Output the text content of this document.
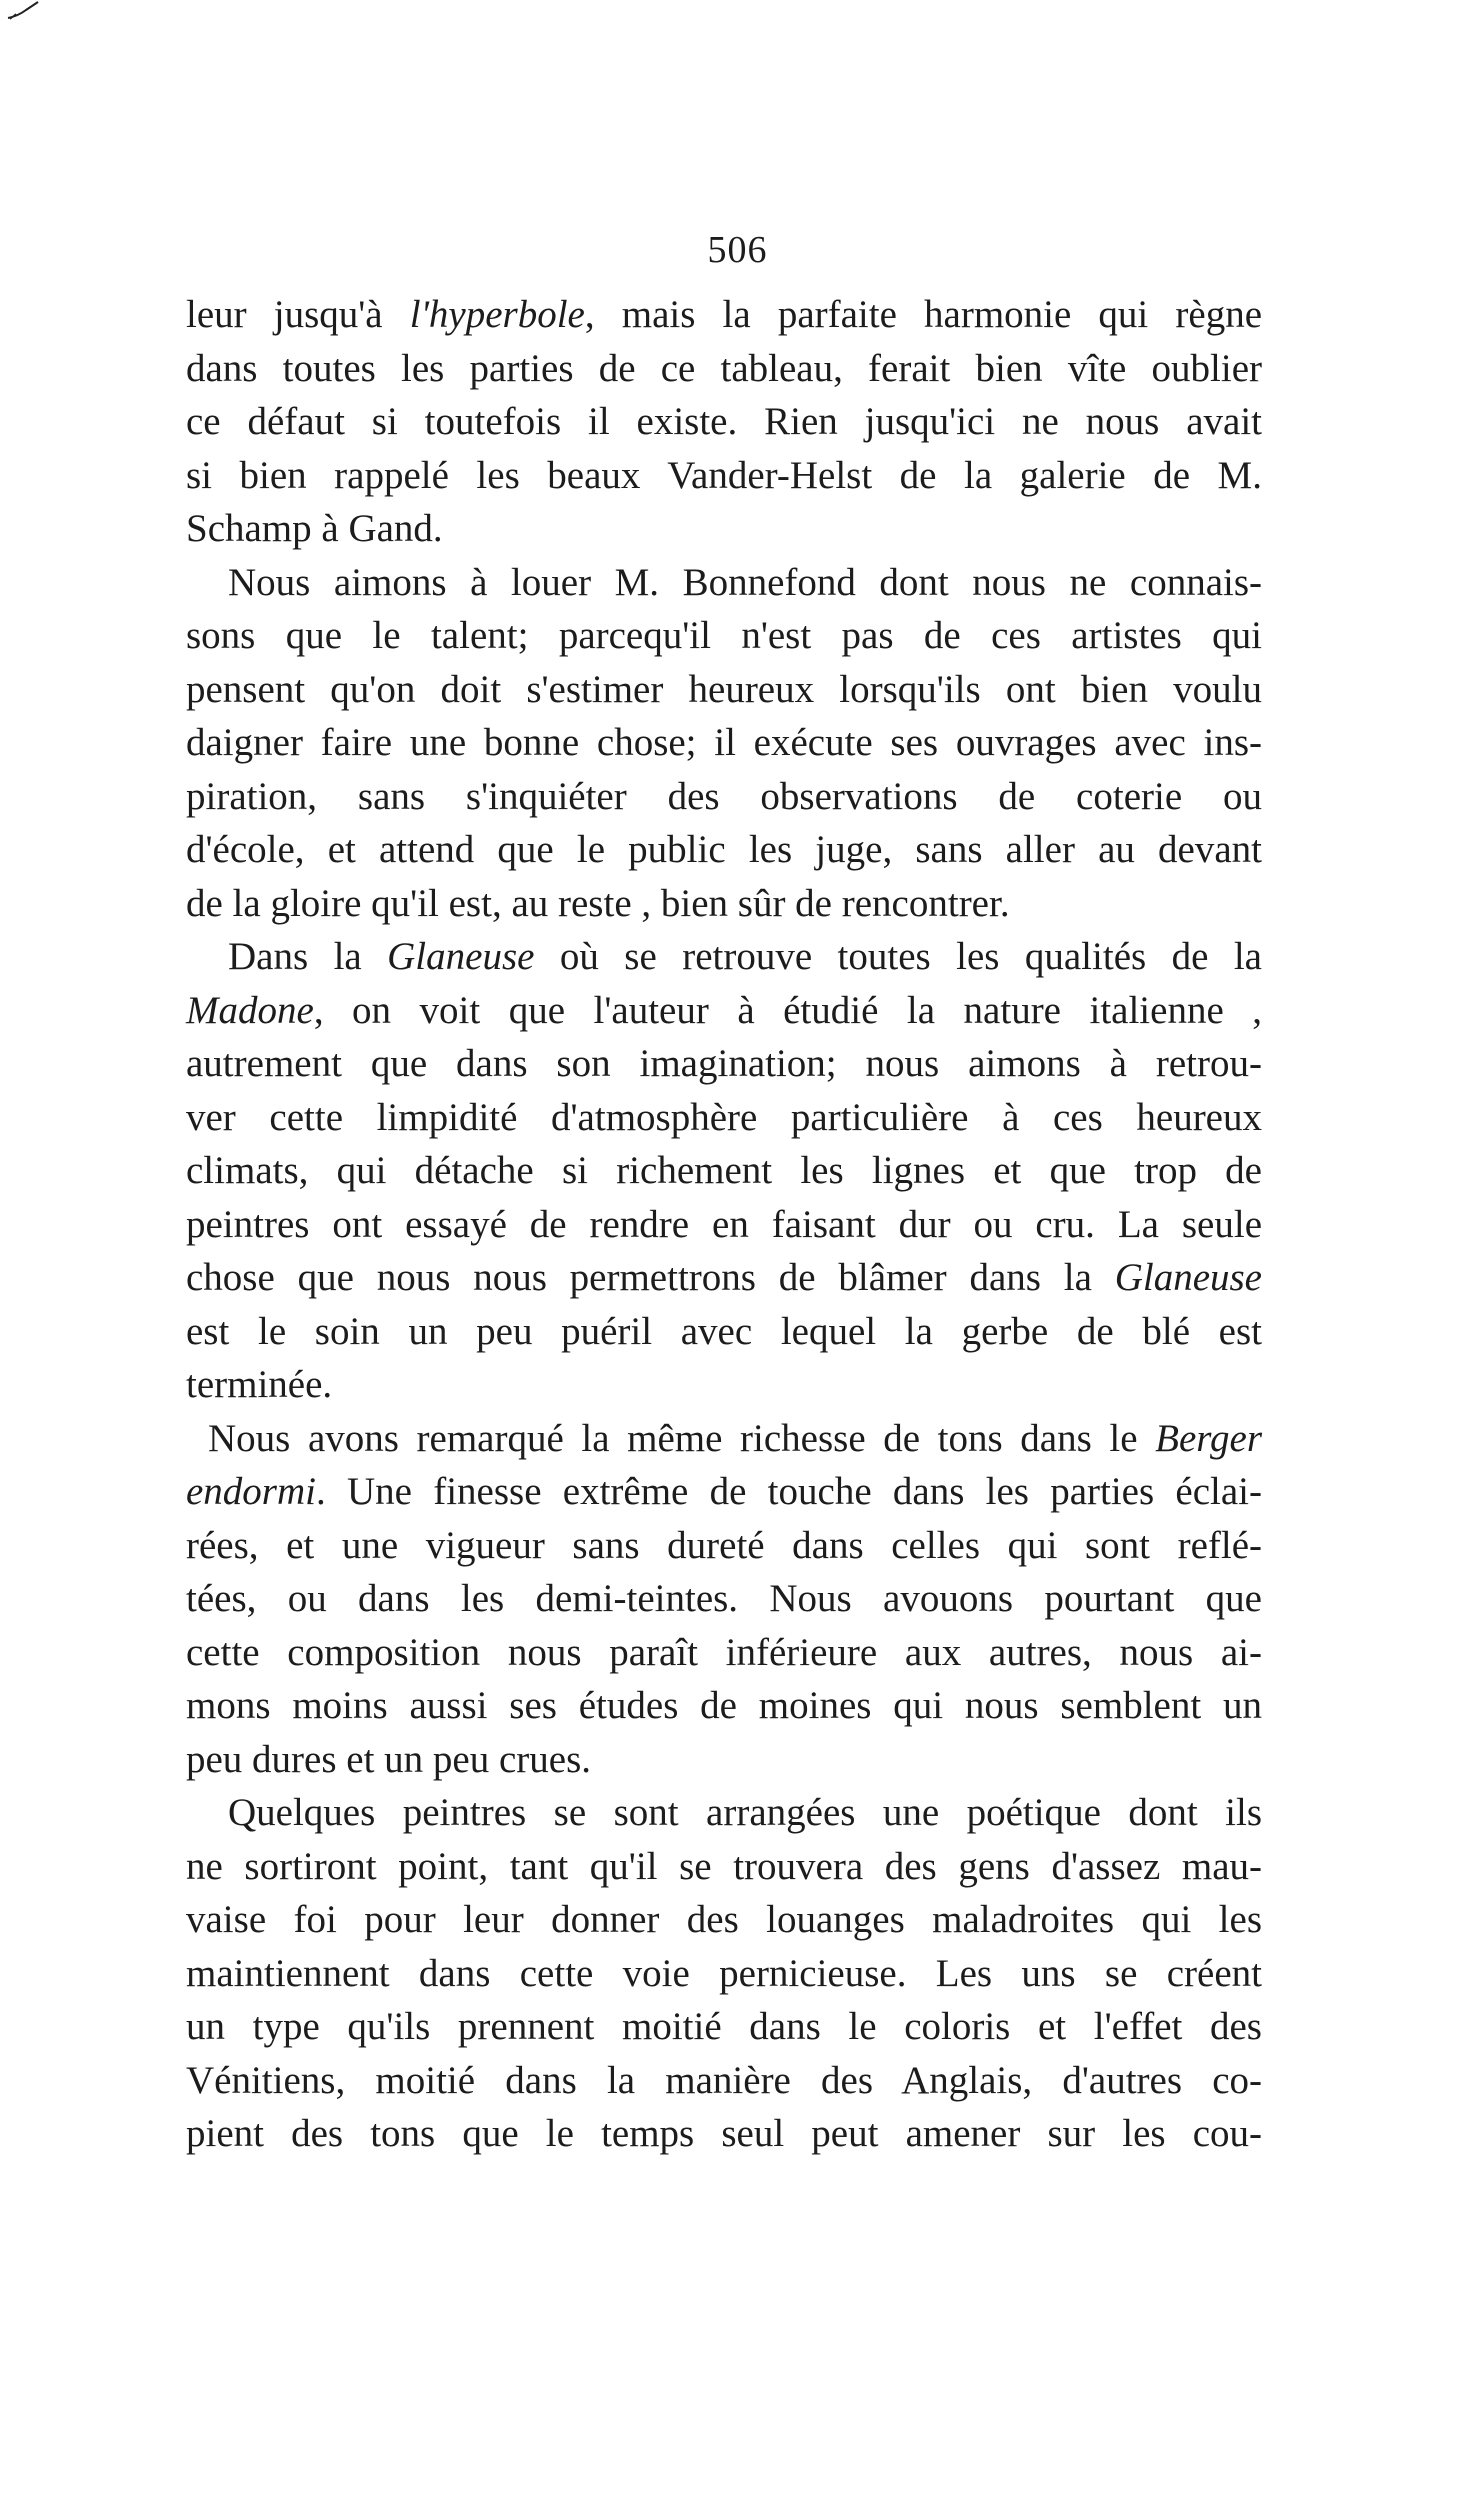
506

leur jusqu'à l'hyperbole, mais la parfaite harmonie qui règne
dans toutes les parties de ce tableau, ferait bien vîte oublier
ce défaut si toutefois il existe. Rien jusqu'ici ne nous avait
si bien rappelé les beaux Vander-Helst de la galerie de M.
Schamp à Gand.

Nous aimons à louer M. Bonnefond dont nous ne connais-
sons que le talent; parcequ'il n'est pas de ces artistes qui
pensent qu'on doit s'estimer heureux lorsqu'ils ont bien voulu
daigner faire une bonne chose; il exécute ses ouvrages avec ins-
piration, sans s'inquiéter des observations de coterie ou
d'école, et attend que le public les juge, sans aller au devant
de la gloire qu'il est, au reste , bien sûr de rencontrer.

Dans la Glaneuse où se retrouve toutes les qualités de la
Madone, on voit que l'auteur à étudié la nature italienne ,
autrement que dans son imagination; nous aimons à retrou-
ver cette limpidité d'atmosphère particulière à ces heureux
climats, qui détache si richement les lignes et que trop de
peintres ont essayé de rendre en faisant dur ou cru. La seule
chose que nous nous permettrons de blâmer dans la Glaneuse
est le soin un peu puéril avec lequel la gerbe de blé est
terminée.

Nous avons remarqué la même richesse de tons dans le Berger
endormi. Une finesse extrême de touche dans les parties éclai-
rées, et une vigueur sans dureté dans celles qui sont reflé-
tées, ou dans les demi-teintes. Nous avouons pourtant que
cette composition nous paraît inférieure aux autres, nous ai-
mons moins aussi ses études de moines qui nous semblent un
peu dures et un peu crues.

Quelques peintres se sont arrangées une poétique dont ils
ne sortiront point, tant qu'il se trouvera des gens d'assez mau-
vaise foi pour leur donner des louanges maladroites qui les
maintiennent dans cette voie pernicieuse. Les uns se créent
un type qu'ils prennent moitié dans le coloris et l'effet des
Vénitiens, moitié dans la manière des Anglais, d'autres co-
pient des tons que le temps seul peut amener sur les cou-
